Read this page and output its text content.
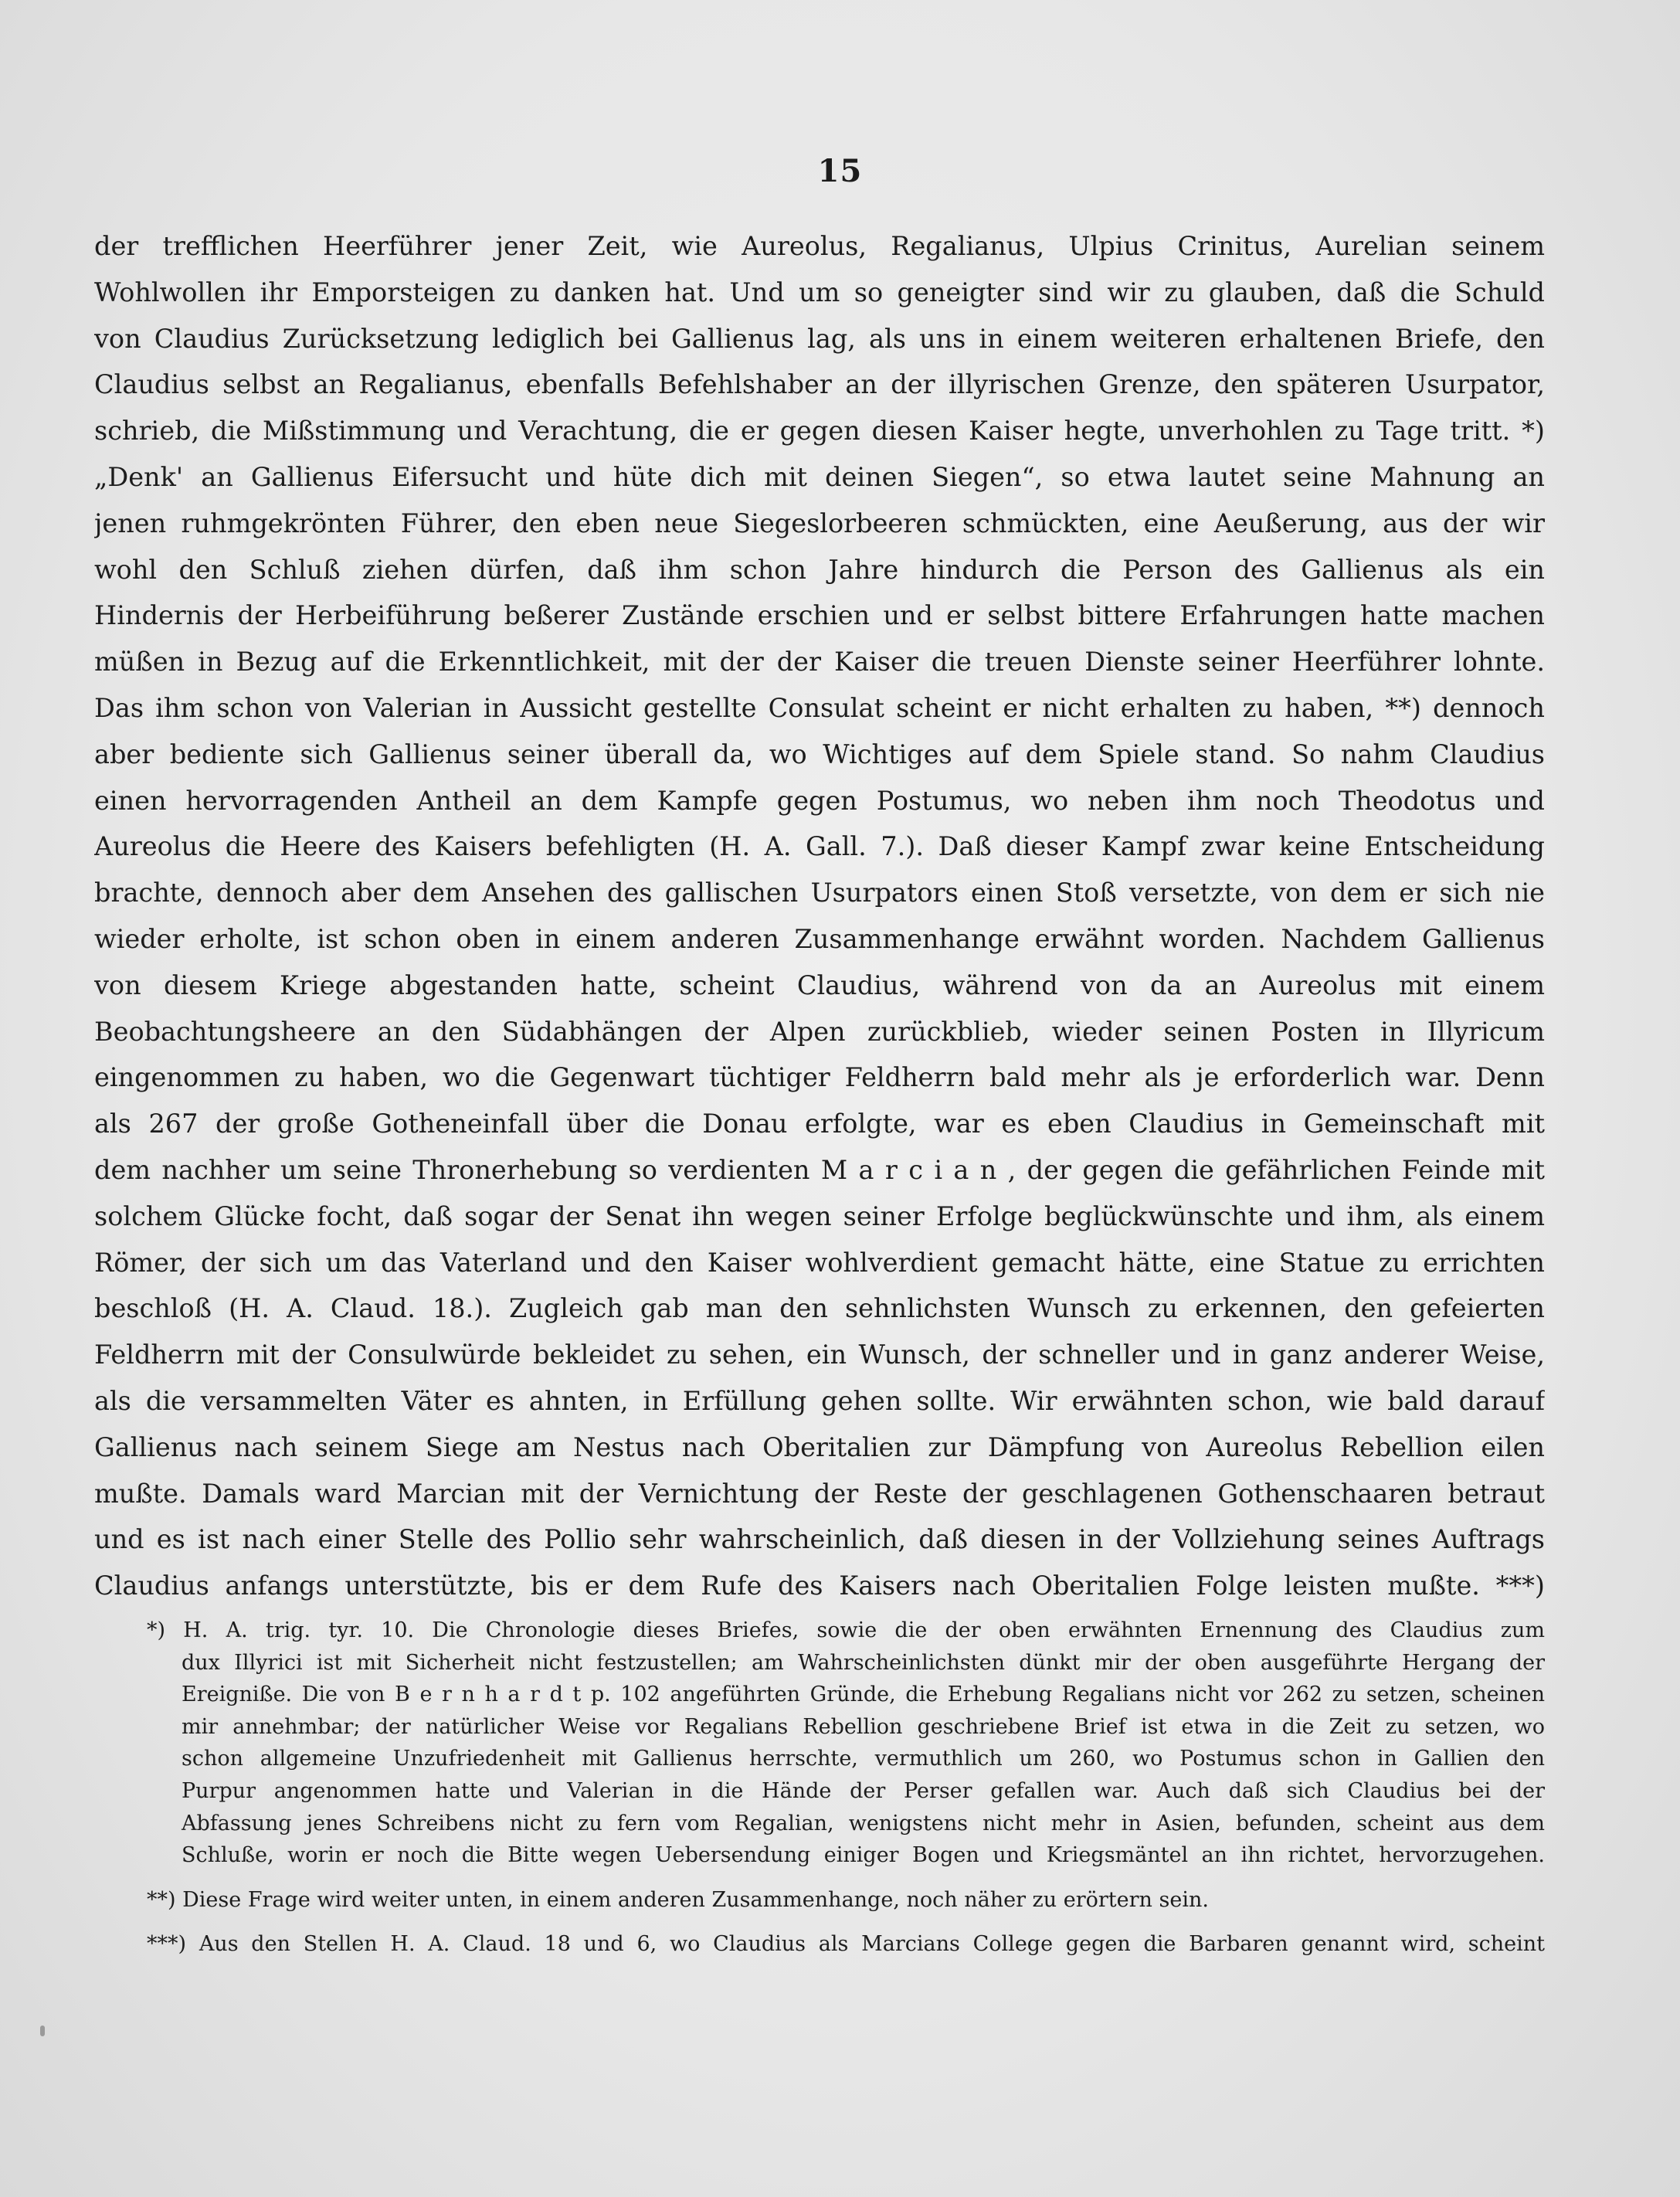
15
der trefflichen Heerführer jener Zeit, wie Aureolus, Regalianus, Ulpius Crinitus, Aurelian seinem
Wohlwollen ihr Emporsteigen zu danken hat. Und um so geneigter sind wir zu glauben, daß die Schuld
von Claudius Zurücksetzung lediglich bei Gallienus lag, als uns in einem weiteren erhaltenen Briefe, den
Claudius selbst an Regalianus, ebenfalls Befehlshaber an der illyrischen Grenze, den späteren Usurpator,
schrieb, die Mißstimmung und Verachtung, die er gegen diesen Kaiser hegte, unverhohlen zu Tage tritt. *)
„Denk' an Gallienus Eifersucht und hüte dich mit deinen Siegen“, so etwa lautet seine Mahnung an
jenen ruhmgekrönten Führer, den eben neue Siegeslorbeeren schmückten, eine Aeußerung, aus der wir
wohl den Schluß ziehen dürfen, daß ihm schon Jahre hindurch die Person des Gallienus als ein
Hindernis der Herbeiführung beßerer Zustände erschien und er selbst bittere Erfahrungen hatte machen
müßen in Bezug auf die Erkenntlichkeit, mit der der Kaiser die treuen Dienste seiner Heerführer lohnte.
Das ihm schon von Valerian in Aussicht gestellte Consulat scheint er nicht erhalten zu haben, **) dennoch
aber bediente sich Gallienus seiner überall da, wo Wichtiges auf dem Spiele stand. So nahm Claudius
einen hervorragenden Antheil an dem Kampfe gegen Postumus, wo neben ihm noch Theodotus und
Aureolus die Heere des Kaisers befehligten (H. A. Gall. 7.). Daß dieser Kampf zwar keine Entscheidung
brachte, dennoch aber dem Ansehen des gallischen Usurpators einen Stoß versetzte, von dem er sich nie
wieder erholte, ist schon oben in einem anderen Zusammenhange erwähnt worden. Nachdem Gallienus
von diesem Kriege abgestanden hatte, scheint Claudius, während von da an Aureolus mit einem
Beobachtungsheere an den Südabhängen der Alpen zurückblieb, wieder seinen Posten in Illyricum
eingenommen zu haben, wo die Gegenwart tüchtiger Feldherrn bald mehr als je erforderlich war. Denn
als 267 der große Gotheneinfall über die Donau erfolgte, war es eben Claudius in Gemeinschaft mit
dem nachher um seine Thronerhebung so verdienten M a r c i a n , der gegen die gefährlichen Feinde mit
solchem Glücke focht, daß sogar der Senat ihn wegen seiner Erfolge beglückwünschte und ihm, als einem
Römer, der sich um das Vaterland und den Kaiser wohlverdient gemacht hätte, eine Statue zu errichten
beschloß (H. A. Claud. 18.). Zugleich gab man den sehnlichsten Wunsch zu erkennen, den gefeierten
Feldherrn mit der Consulwürde bekleidet zu sehen, ein Wunsch, der schneller und in ganz anderer Weise,
als die versammelten Väter es ahnten, in Erfüllung gehen sollte. Wir erwähnten schon, wie bald darauf
Gallienus nach seinem Siege am Nestus nach Oberitalien zur Dämpfung von Aureolus Rebellion eilen
mußte. Damals ward Marcian mit der Vernichtung der Reste der geschlagenen Gothenschaaren betraut
und es ist nach einer Stelle des Pollio sehr wahrscheinlich, daß diesen in der Vollziehung seines Auftrags
Claudius anfangs unterstützte, bis er dem Rufe des Kaisers nach Oberitalien Folge leisten mußte. ***)
*) H. A. trig. tyr. 10. Die Chronologie dieses Briefes, sowie die der oben erwähnten Ernennung des Claudius zum
dux Illyrici ist mit Sicherheit nicht festzustellen; am Wahrscheinlichsten dünkt mir der oben ausgeführte Hergang der
Ereigniße. Die von B e r n h a r d t p. 102 angeführten Gründe, die Erhebung Regalians nicht vor 262 zu setzen, scheinen
mir annehmbar; der natürlicher Weise vor Regalians Rebellion geschriebene Brief ist etwa in die Zeit zu setzen, wo
schon allgemeine Unzufriedenheit mit Gallienus herrschte, vermuthlich um 260, wo Postumus schon in Gallien den
Purpur angenommen hatte und Valerian in die Hände der Perser gefallen war. Auch daß sich Claudius bei der
Abfassung jenes Schreibens nicht zu fern vom Regalian, wenigstens nicht mehr in Asien, befunden, scheint aus dem
Schluße, worin er noch die Bitte wegen Uebersendung einiger Bogen und Kriegsmäntel an ihn richtet, hervorzugehen.
**) Diese Frage wird weiter unten, in einem anderen Zusammenhange, noch näher zu erörtern sein.
***) Aus den Stellen H. A. Claud. 18 und 6, wo Claudius als Marcians College gegen die Barbaren genannt wird, scheint
